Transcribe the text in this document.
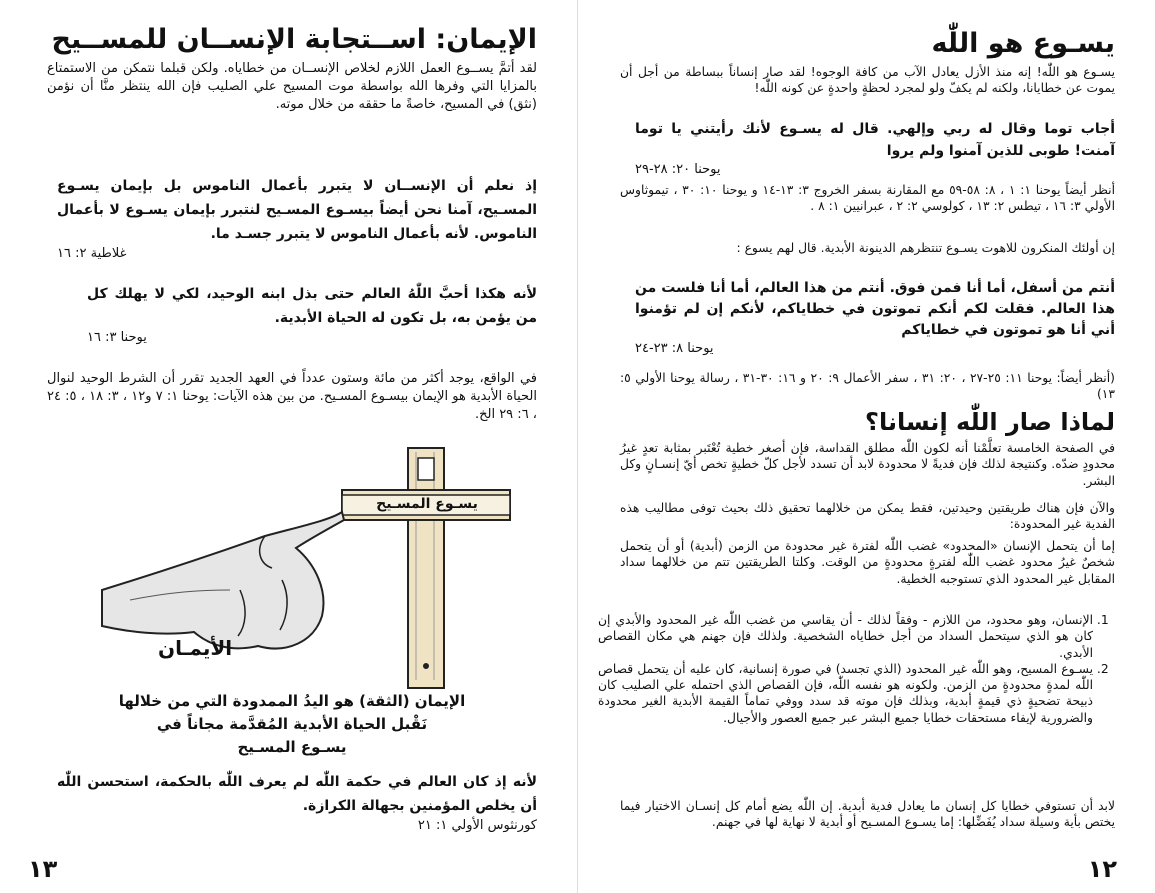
الإيمان: اســتجابة الإنســان للمســيح

لقد أتمَّ يســوع العمل اللازم لخلاص الإنســان من خطاياه. ولكن قبلما نتمكن من الاستمتاع بالمزايا التي وفرها الله بواسطة موت المسيح علي الصليب فإن الله ينتظر منَّا أن نؤمن (نثق) في المسيح، خاصةً ما حققه من خلال موته.

إذ نعلم أن الإنســان لا يتبرر بأعمال الناموس بل بإيمان يسـوع المسـيح، آمنا نحن أيضاً بيسـوع المسـيح لنتبرر بإيمان يسـوع لا بأعمال الناموس. لأنه بأعمال الناموس لا يتبرر جسـد ما.

غلاطية ٢: ١٦

لأنه هكذا أحبَّ اللّٰهُ العالم حتى بذل ابنه الوحيد، لكي لا يهلك كل من يؤمن به، بل تكون له الحياة الأبدية.

يوحنا ٣: ١٦

في الواقع، يوجد أكثر من مائة وستون عدداً في العهد الجديد تقرر أن الشرط الوحيد لنوال الحياة الأبدية هو الإيمان بيسـوع المسـيح. من بين هذه الآيات: يوحنا ١: ٧ و١٢ ، ٣: ١٨ ، ٥: ٢٤ ، ٦: ٢٩ الخ.

يسـوع المسـيح
الأيمـان
الإيمان (الثقة) هو اليدُ الممدودة التي من خلالها
نَقْبل الحياة الأبدية المُقدَّمة مجاناً في
يسـوع المسـيح

لأنه إذ كان العالم في حكمة اللّٰه لم يعرف اللّٰه بالحكمة، استحسن اللّٰه أن يخلص المؤمنين بجهالة الكرازة.

كورنثوس الأولي ١: ٢١
١٣
يسـوع هو اللّٰه

يسـوع هو اللّٰه! إنه منذ الأزل يعادل الآب من كافة الوجوه! لقد صار إنساناً ببساطة من أجل أن يموت عن خطايانا، ولكنه لم يكفّ ولو لمجرد لحظةٍ واحدةٍ عن كونه اللّٰه!

أجاب توما وقال له ربي وإلهي. قال له يسـوع لأنك رأيتني يا توما آمنت! طوبى للذين آمنوا ولم يروا

يوحنا ٢٠: ٢٨-٢٩

أنظر أيضاً يوحنا ١: ١ ، ٨: ٥٨-٥٩ مع المقارنة بسفر الخروج ٣: ١٣-١٤ و يوحنا ١٠: ٣٠ ، تيموثاوس الأولي ٣: ١٦ ، تيطس ٢: ١٣ ، كولوسي ٢: ٢ ، عبرانيين ١: ٨ .

إن أولئك المنكرون للاهوت يسـوع تنتظرهم الدينونة الأبدية. قال لهم يسوع :

أنتم من أسفل، أما أنا فمن فوق. أنتم من هذا العالم، أما أنا فلست من هذا العالم. فقلت لكم أنكم تموتون في خطاياكم، لأنكم إن لم تؤمنوا أني أنا هو تموتون في خطاياكم

يوحنا ٨: ٢٣-٢٤

(أنظر أيضاً: يوحنا ١١: ٢٥-٢٧ ، ٢٠: ٣١ ، سفر الأعمال ٩: ٢٠ و ١٦: ٣٠-٣١ ، رسالة يوحنا الأولي ٥: ١٣)

لماذا صار اللّٰه إنسانا؟

في الصفحة الخامسة تعلَّمْنا أنه لكون اللّٰه مطلق القداسة، فإن أصغر خطية تُعْتَبر بمثابة تعدٍ غيرُ محدودٍ ضدّه. وكنتيجة لذلك فإن فديةً لا محدودة لابد أن تسدد لأجل كلّ خطيةٍ تخص أيّ إنسـانٍ وكل البشر.

والآن فإن هناك طريقتين وحيدتين، فقط يمكن من خلالهما تحقيق ذلك بحيث توفى مطاليب هذه الفدية غير المحدودة:

إما أن يتحمل الإنسان «المحدود» غضب اللّٰه لفترة غير محدودة من الزمن (أبدية) أو أن يتحمل شخصٌ غيرُ محدود غضب اللّٰه لفترةٍ محدودةٍ من الوقت. وكلتا الطريقتين تتم من خلالهما سداد المقابل غير المحدود الذي تستوجبه الخطية.

1. الإنسان، وهو محدود، من اللازم - وفقاً لذلك - أن يقاسي من غضب اللّٰه غير المحدود والأبدي إن كان هو الذي سيتحمل السداد من أجل خطاياه الشخصية. ولذلك فإن جهنم هي مكان القصاص الأبدي.
2. يسـوع المسيح، وهو اللّٰه غير المحدود (الذي تجسد) في صورة إنسانية، كان عليه أن يتحمل قصاص اللّٰه لمدةٍ محدودةٍ من الزمن. ولكونه هو نفسه اللّٰه، فإن القصاص الذي احتمله علي الصليب كان ذبيحة تضحيةٍ ذي قيمةٍ أبدية، وبذلك فإن موته قد سدد ووفي تماماً القيمة الأبدية الغير محدودة والضرورية لإيفاء مستحقات خطايا جميع البشر عبر جميع العصور والأجيال.

لابد أن تستوفي خطايا كل إنسان ما يعادل فدية أبدية. إن اللّٰه يضع أمام كل إنسـان الاختيار فيما يختص بأية وسيلة سداد يُفَضِّلها: إما يسـوع المسـيح أو أبدية لا نهاية لها في جهنم.

١٢
